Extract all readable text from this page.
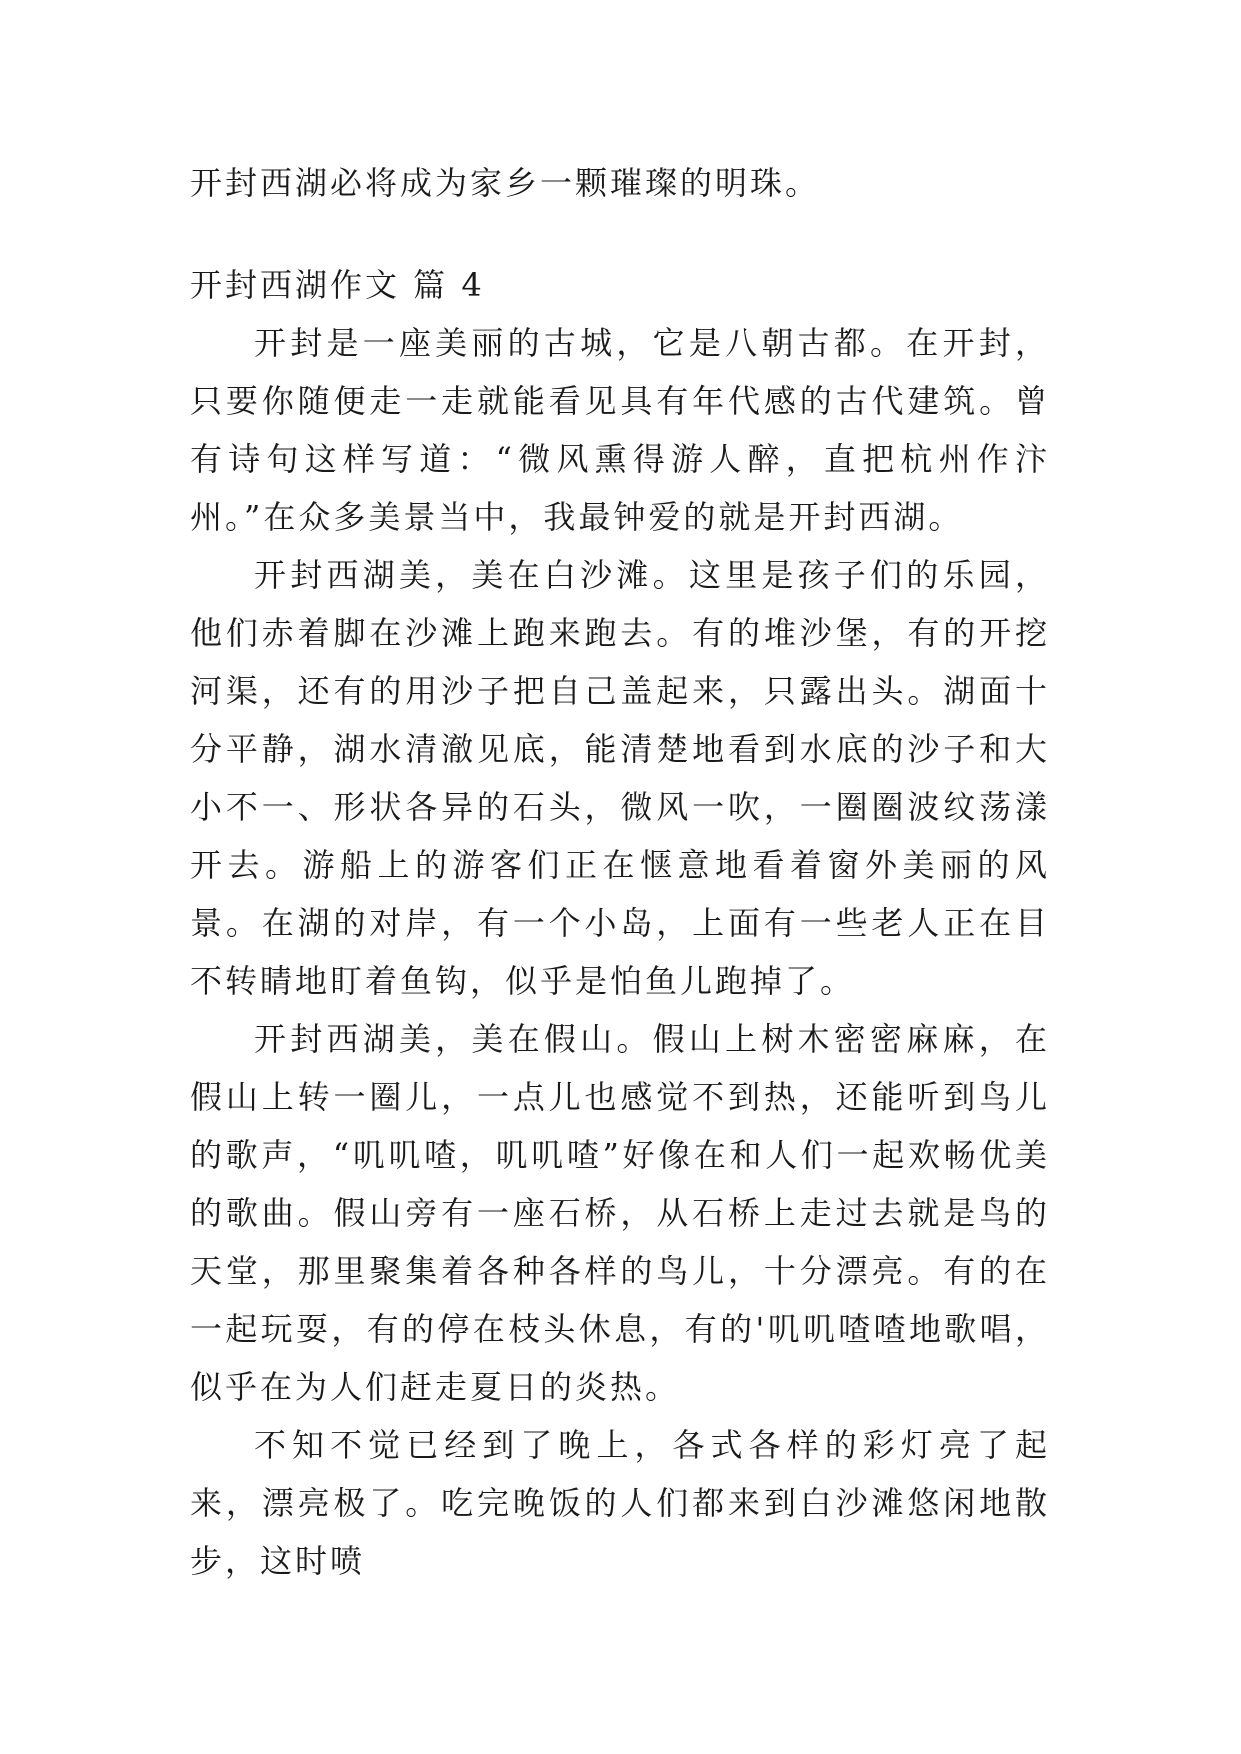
开封西湖必将成为家乡一颗璀璨的明珠。

开封西湖作文 篇 4

开封是一座美丽的古城，它是八朝古都。在开封，只要你随便走一走就能看见具有年代感的古代建筑。曾有诗句这样写道：“微风熏得游人醉，直把杭州作汴州。”在众多美景当中，我最钟爱的就是开封西湖。

开封西湖美，美在白沙滩。这里是孩子们的乐园，他们赤着脚在沙滩上跑来跑去。有的堆沙堡，有的开挖河渠，还有的用沙子把自己盖起来，只露出头。湖面十分平静，湖水清澈见底，能清楚地看到水底的沙子和大小不一、形状各异的石头，微风一吹，一圈圈波纹荡漾开去。游船上的游客们正在惬意地看着窗外美丽的风景。在湖的对岸，有一个小岛，上面有一些老人正在目不转睛地盯着鱼钩，似乎是怕鱼儿跑掉了。

开封西湖美，美在假山。假山上树木密密麻麻，在假山上转一圈儿，一点儿也感觉不到热，还能听到鸟儿的歌声，“叽叽喳，叽叽喳”好像在和人们一起欢畅优美的歌曲。假山旁有一座石桥，从石桥上走过去就是鸟的天堂，那里聚集着各种各样的鸟儿，十分漂亮。有的在一起玩耍，有的停在枝头休息，有的'叽叽喳喳地歌唱，似乎在为人们赶走夏日的炎热。

不知不觉已经到了晚上，各式各样的彩灯亮了起来，漂亮极了。吃完晚饭的人们都来到白沙滩悠闲地散步，这时喷
